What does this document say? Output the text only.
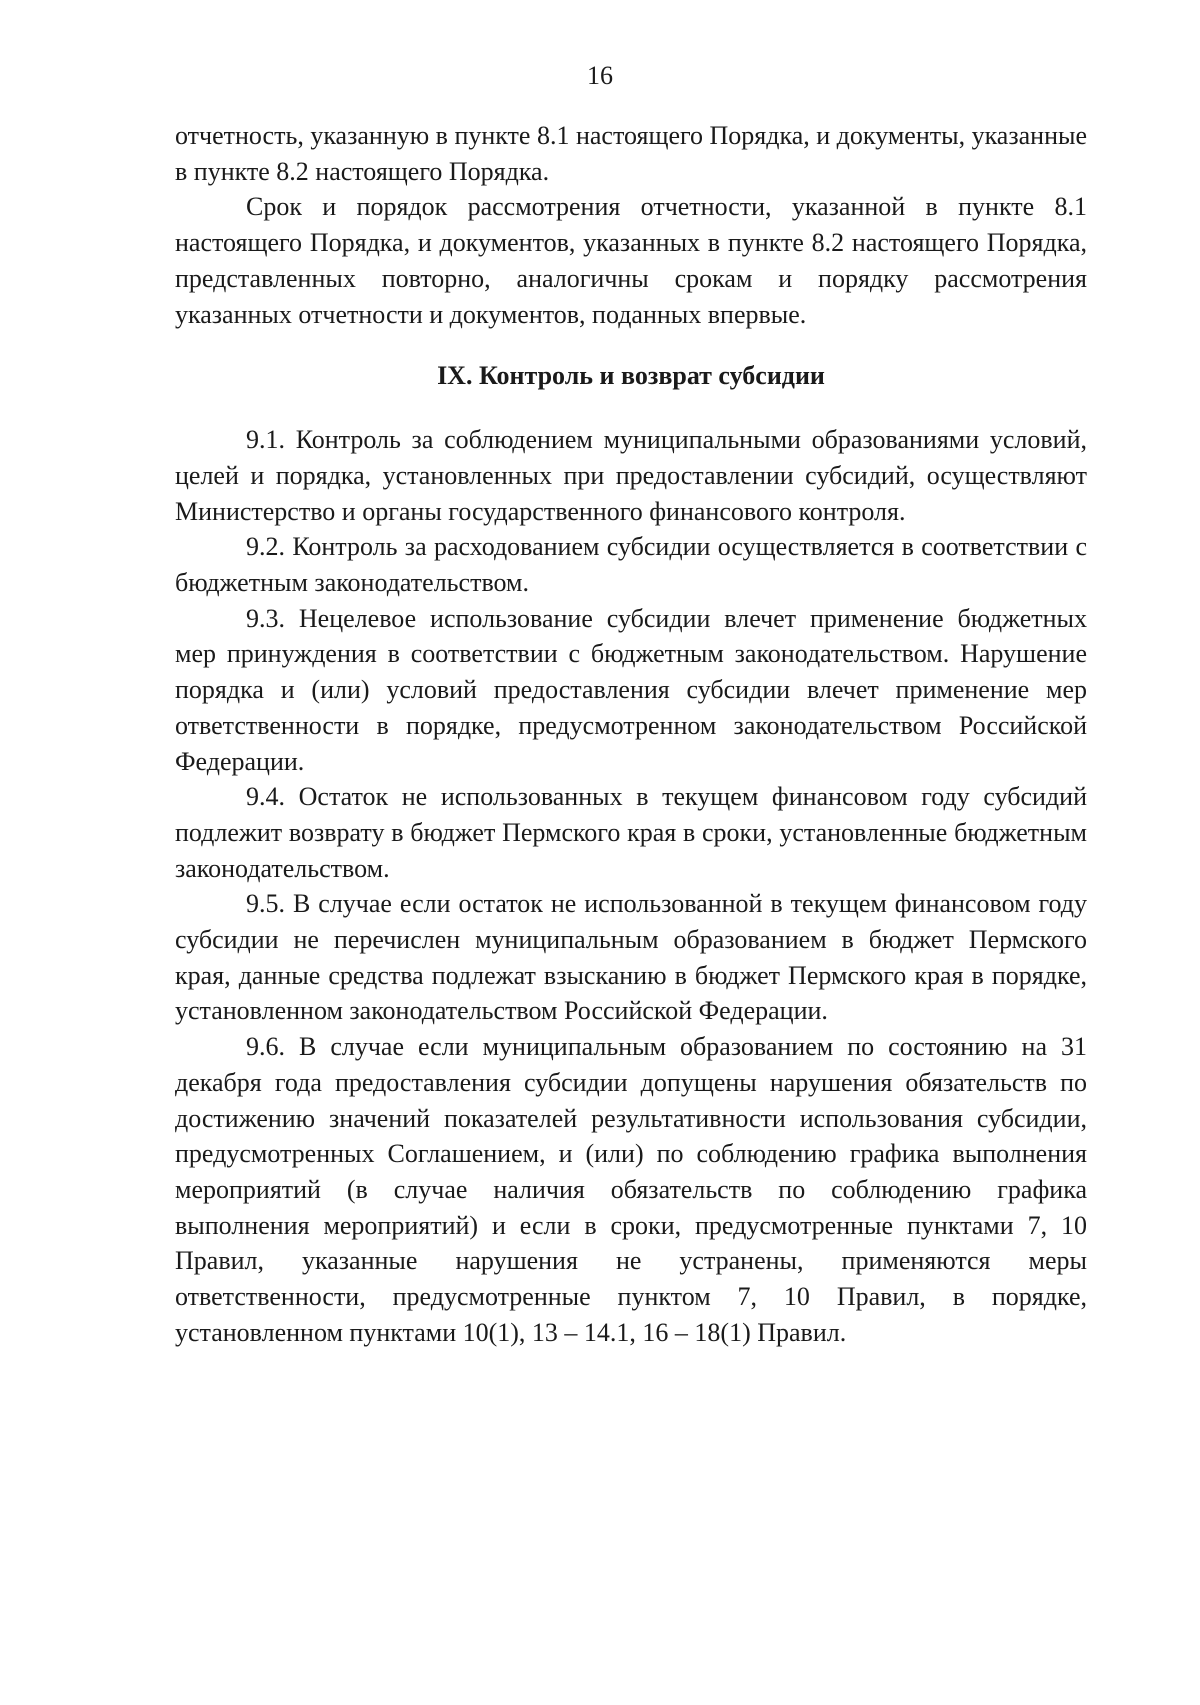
16

отчетность, указанную в пункте 8.1 настоящего Порядка, и документы, указанные в пункте 8.2 настоящего Порядка.

Срок и порядок рассмотрения отчетности, указанной в пункте 8.1 настоящего Порядка, и документов, указанных в пункте 8.2 настоящего Порядка, представленных повторно, аналогичны срокам и порядку рассмотрения указанных отчетности и документов, поданных впервые.

IX. Контроль и возврат субсидии

9.1. Контроль за соблюдением муниципальными образованиями условий, целей и порядка, установленных при предоставлении субсидий, осуществляют Министерство и органы государственного финансового контроля.

9.2. Контроль за расходованием субсидии осуществляется в соответствии с бюджетным законодательством.

9.3. Нецелевое использование субсидии влечет применение бюджетных мер принуждения в соответствии с бюджетным законодательством. Нарушение порядка и (или) условий предоставления субсидии влечет применение мер ответственности в порядке, предусмотренном законодательством Российской Федерации.

9.4. Остаток не использованных в текущем финансовом году субсидий подлежит возврату в бюджет Пермского края в сроки, установленные бюджетным законодательством.

9.5. В случае если остаток не использованной в текущем финансовом году субсидии не перечислен муниципальным образованием в бюджет Пермского края, данные средства подлежат взысканию в бюджет Пермского края в порядке, установленном законодательством Российской Федерации.

9.6. В случае если муниципальным образованием по состоянию на 31 декабря года предоставления субсидии допущены нарушения обязательств по достижению значений показателей результативности использования субсидии, предусмотренных Соглашением, и (или) по соблюдению графика выполнения мероприятий (в случае наличия обязательств по соблюдению графика выполнения мероприятий) и если в сроки, предусмотренные пунктами 7, 10 Правил, указанные нарушения не устранены, применяются меры ответственности, предусмотренные пунктом 7, 10 Правил, в порядке, установленном пунктами 10(1), 13 – 14.1, 16 – 18(1) Правил.
